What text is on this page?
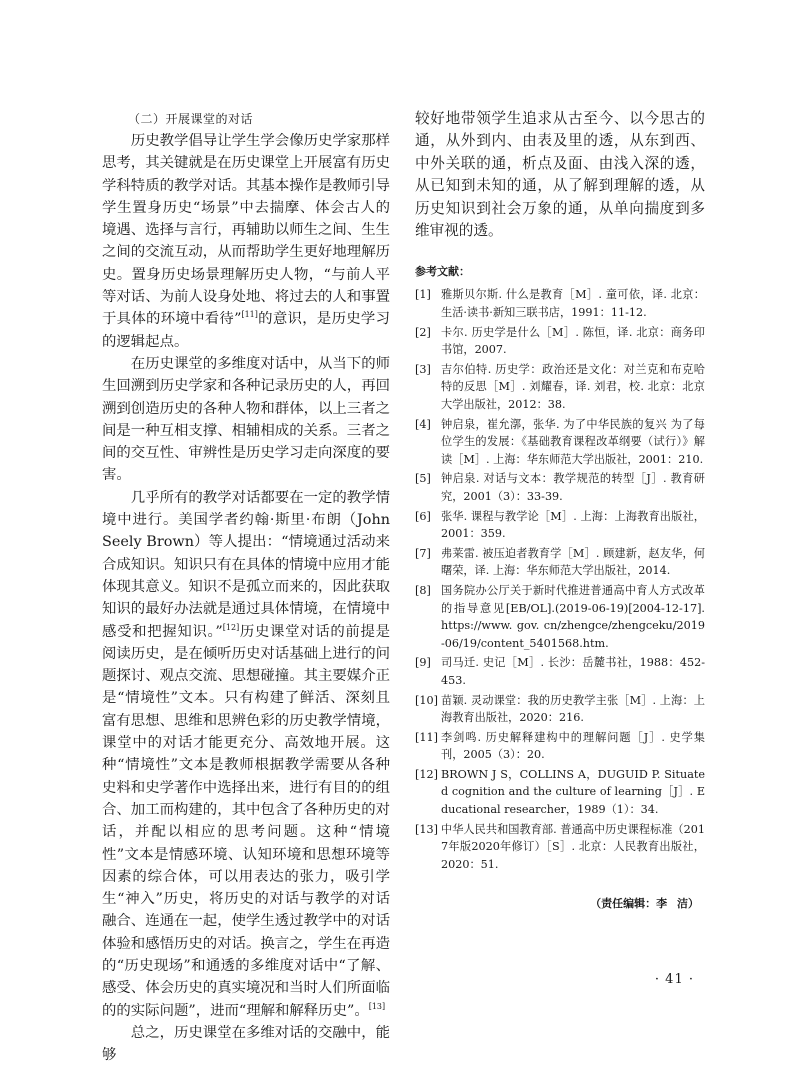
（二）开展课堂的对话

历史教学倡导让学生学会像历史学家那样思考，其关键就是在历史课堂上开展富有历史学科特质的教学对话。其基本操作是教师引导学生置身历史“场景”中去揣摩、体会古人的境遇、选择与言行，再辅助以师生之间、生生之间的交流互动，从而帮助学生更好地理解历史。置身历史场景理解历史人物，“与前人平等对话、为前人设身处地、将过去的人和事置于具体的环境中看待”[11]的意识，是历史学习的逻辑起点。

在历史课堂的多维度对话中，从当下的师生回溯到历史学家和各种记录历史的人，再回溯到创造历史的各种人物和群体，以上三者之间是一种互相支撑、相辅相成的关系。三者之间的交互性、审辨性是历史学习走向深度的要害。

几乎所有的教学对话都要在一定的教学情境中进行。美国学者约翰·斯里·布朗（John Seely Brown）等人提出：“情境通过活动来合成知识。知识只有在具体的情境中应用才能体现其意义。知识不是孤立而来的，因此获取知识的最好办法就是通过具体情境，在情境中感受和把握知识。”[12]历史课堂对话的前提是阅读历史，是在倾听历史对话基础上进行的问题探讨、观点交流、思想碰撞。其主要媒介正是“情境性”文本。只有构建了鲜活、深刻且富有思想、思维和思辨色彩的历史教学情境，课堂中的对话才能更充分、高效地开展。这种“情境性”文本是教师根据教学需要从各种史料和史学著作中选择出来，进行有目的的组合、加工而构建的，其中包含了各种历史的对话，并配以相应的思考问题。这种“情境性”文本是情感环境、认知环境和思想环境等因素的综合体，可以用表达的张力，吸引学生“神入”历史，将历史的对话与教学的对话融合、连通在一起，使学生透过教学中的对话体验和感悟历史的对话。换言之，学生在再造的“历史现场”和通透的多维度对话中“了解、感受、体会历史的真实境况和当时人们所面临的的实际问题”，进而“理解和解释历史”。[13]

总之，历史课堂在多维对话的交融中，能够

较好地带领学生追求从古至今、以今思古的通，从外到内、由表及里的透，从东到西、中外关联的通，析点及面、由浅入深的透，从已知到未知的通，从了解到理解的透，从历史知识到社会万象的通，从单向揣度到多维审视的透。

参考文献：
[1] 雅斯贝尔斯. 什么是教育［M］. 童可依，译. 北京：生活·读书·新知三联书店，1991：11-12.
[2] 卡尔. 历史学是什么［M］. 陈恒，译. 北京：商务印书馆，2007.
[3] 吉尔伯特. 历史学：政治还是文化：对兰克和布克哈特的反思［M］. 刘耀春，译. 刘君，校. 北京：北京大学出版社，2012：38.
[4] 钟启泉，崔允漷，张华. 为了中华民族的复兴 为了每位学生的发展：《基础教育课程改革纲要（试行）》解读［M］. 上海：华东师范大学出版社，2001：210.
[5] 钟启泉. 对话与文本：教学规范的转型［J］. 教育研究，2001（3）：33-39.
[6] 张华. 课程与教学论［M］. 上海：上海教育出版社，2001：359.
[7] 弗莱雷. 被压迫者教育学［M］. 顾建新，赵友华，何曙荣，译. 上海：华东师范大学出版社，2014.
[8] 国务院办公厅关于新时代推进普通高中育人方式改革的指导意见[EB/OL].(2019-06-19)[2004-12-17]. https://www. gov. cn/zhengce/zhengceku/2019-06/19/content_5401568.htm.
[9] 司马迁. 史记［M］. 长沙：岳麓书社，1988：452-453.
[10] 苗颖. 灵动课堂：我的历史教学主张［M］. 上海：上海教育出版社，2020：216.
[11] 李剑鸣. 历史解释建构中的理解问题［J］. 史学集刊，2005（3）：20.
[12] BROWN J S，COLLINS A，DUGUID P. Situated cognition and the culture of learning［J］. Educational researcher，1989（1）：34.
[13] 中华人民共和国教育部. 普通高中历史课程标准（2017年版2020年修订）［S］. 北京：人民教育出版社，2020：51.
（责任编辑：李 洁）
· 41 ·
